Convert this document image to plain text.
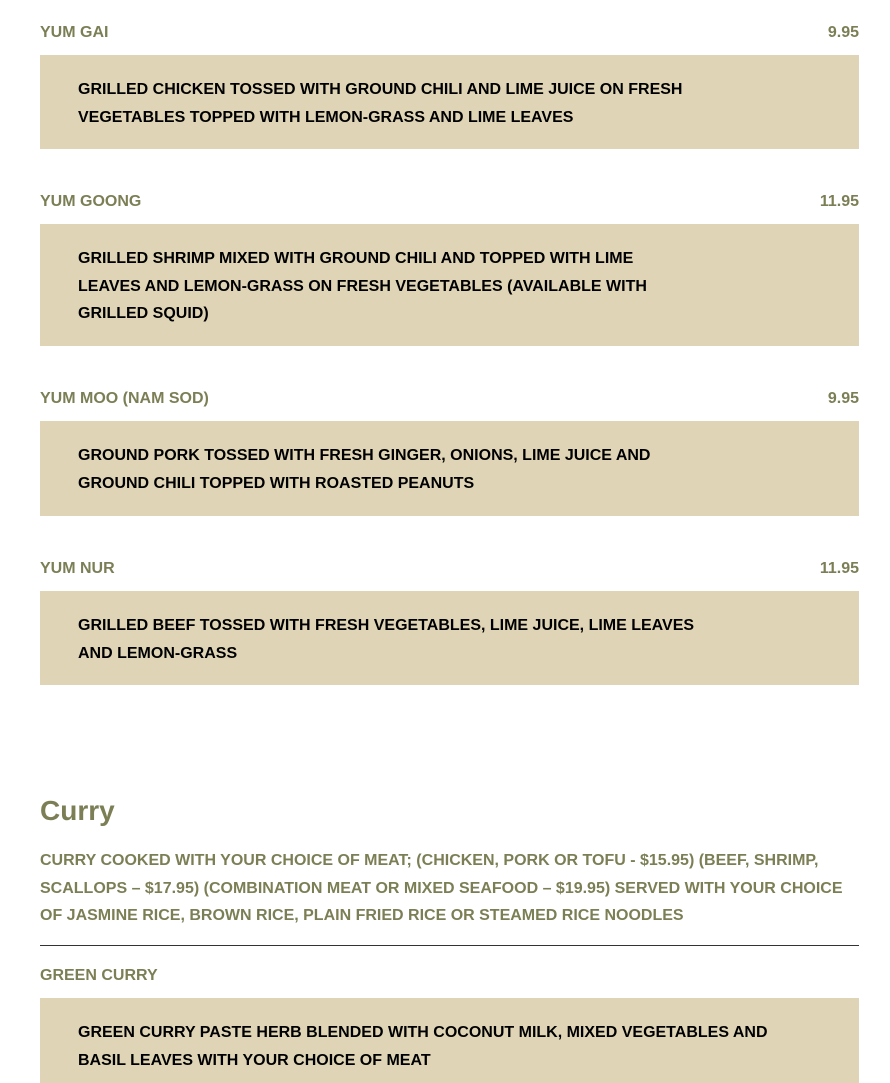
YUM GAI	9.95

GRILLED CHICKEN TOSSED WITH GROUND CHILI AND LIME JUICE ON FRESH VEGETABLES TOPPED WITH LEMON-GRASS AND LIME LEAVES

YUM GOONG	11.95

GRILLED SHRIMP MIXED WITH GROUND CHILI AND TOPPED WITH LIME LEAVES AND LEMON-GRASS ON FRESH VEGETABLES (AVAILABLE WITH GRILLED SQUID)

YUM MOO (NAM SOD)	9.95

GROUND PORK TOSSED WITH FRESH GINGER, ONIONS, LIME JUICE AND GROUND CHILI TOPPED WITH ROASTED PEANUTS

YUM NUR	11.95

GRILLED BEEF TOSSED WITH FRESH VEGETABLES, LIME JUICE, LIME LEAVES AND LEMON-GRASS

Curry

CURRY COOKED WITH YOUR CHOICE OF MEAT; (CHICKEN, PORK OR TOFU - $15.95) (BEEF, SHRIMP, SCALLOPS – $17.95) (COMBINATION MEAT OR MIXED SEAFOOD – $19.95) SERVED WITH YOUR CHOICE OF JASMINE RICE, BROWN RICE, PLAIN FRIED RICE OR STEAMED RICE NOODLES

GREEN CURRY

GREEN CURRY PASTE HERB BLENDED WITH COCONUT MILK, MIXED VEGETABLES AND BASIL LEAVES WITH YOUR CHOICE OF MEAT
